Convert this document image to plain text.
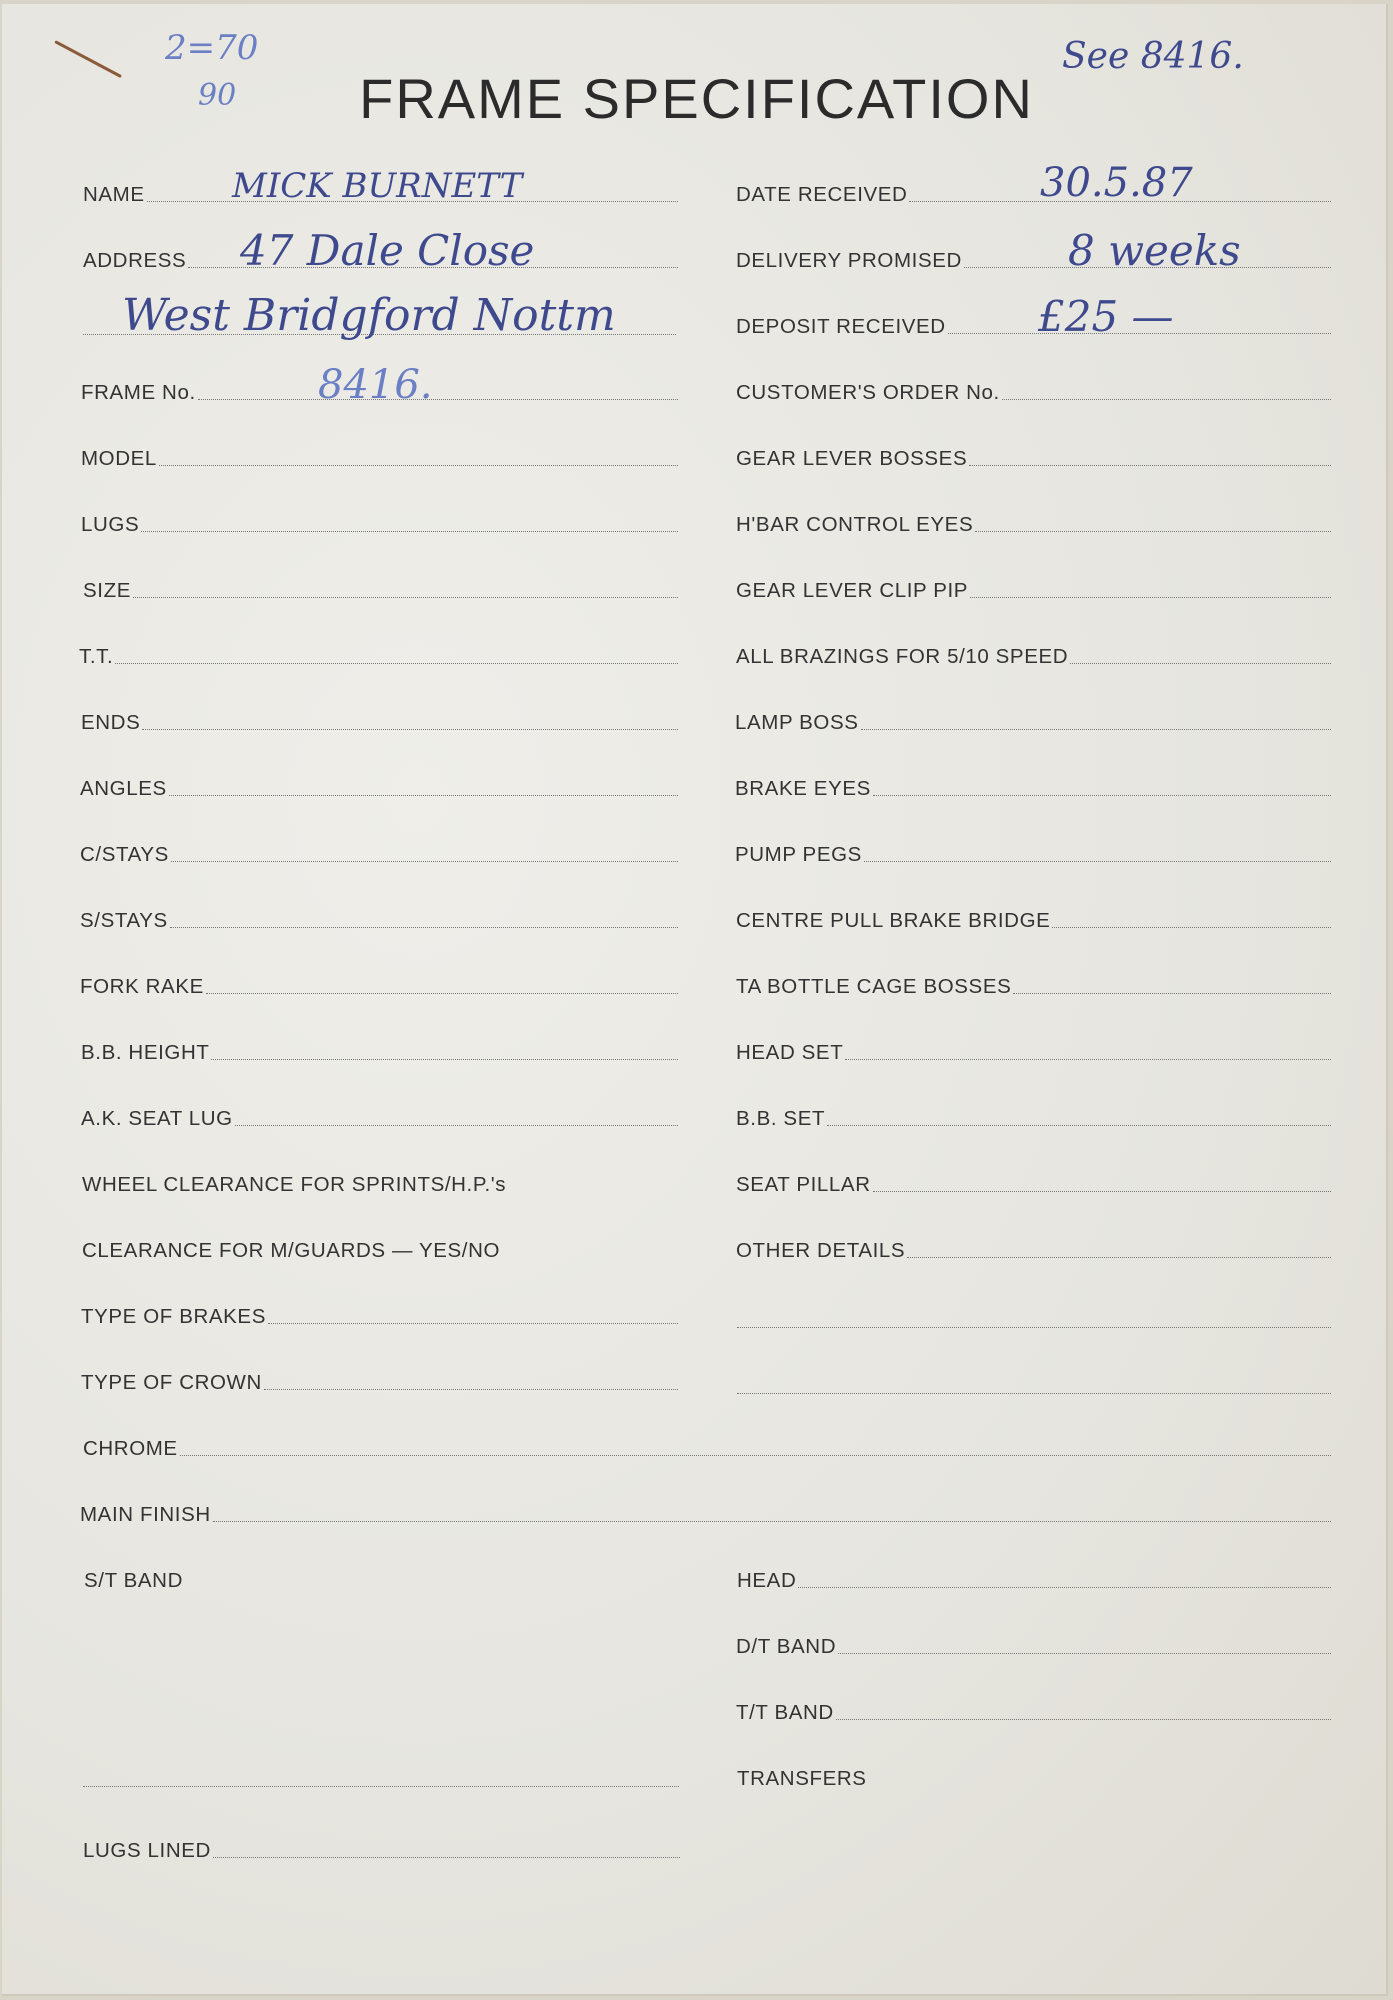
FRAME SPECIFICATION
2=70
90
See 8416.
NAME	MICK BURNETT
ADDRESS 47 Dale Close
West Bridgford Nottm
FRAME No.	8416.
MODEL
LUGS
SIZE
T.T.
ENDS
ANGLES
C/STAYS
S/STAYS
FORK RAKE
B.B. HEIGHT
A.K. SEAT LUG
WHEEL CLEARANCE FOR SPRINTS/H.P.'s
CLEARANCE FOR M/GUARDS — YES/NO
TYPE OF BRAKES
TYPE OF CROWN
CHROME
MAIN FINISH
S/T BAND
LUGS LINED
DATE RECEIVED	30.5.87
DELIVERY PROMISED	8 weeks
DEPOSIT RECEIVED £25 —
CUSTOMER'S ORDER No.
GEAR LEVER BOSSES
H'BAR CONTROL EYES
GEAR LEVER CLIP PIP
ALL BRAZINGS FOR 5/10 SPEED
LAMP BOSS
BRAKE EYES
PUMP PEGS
CENTRE PULL BRAKE BRIDGE
TA BOTTLE CAGE BOSSES
HEAD SET
B.B. SET
SEAT PILLAR
OTHER DETAILS
HEAD
D/T BAND
T/T BAND
TRANSFERS
